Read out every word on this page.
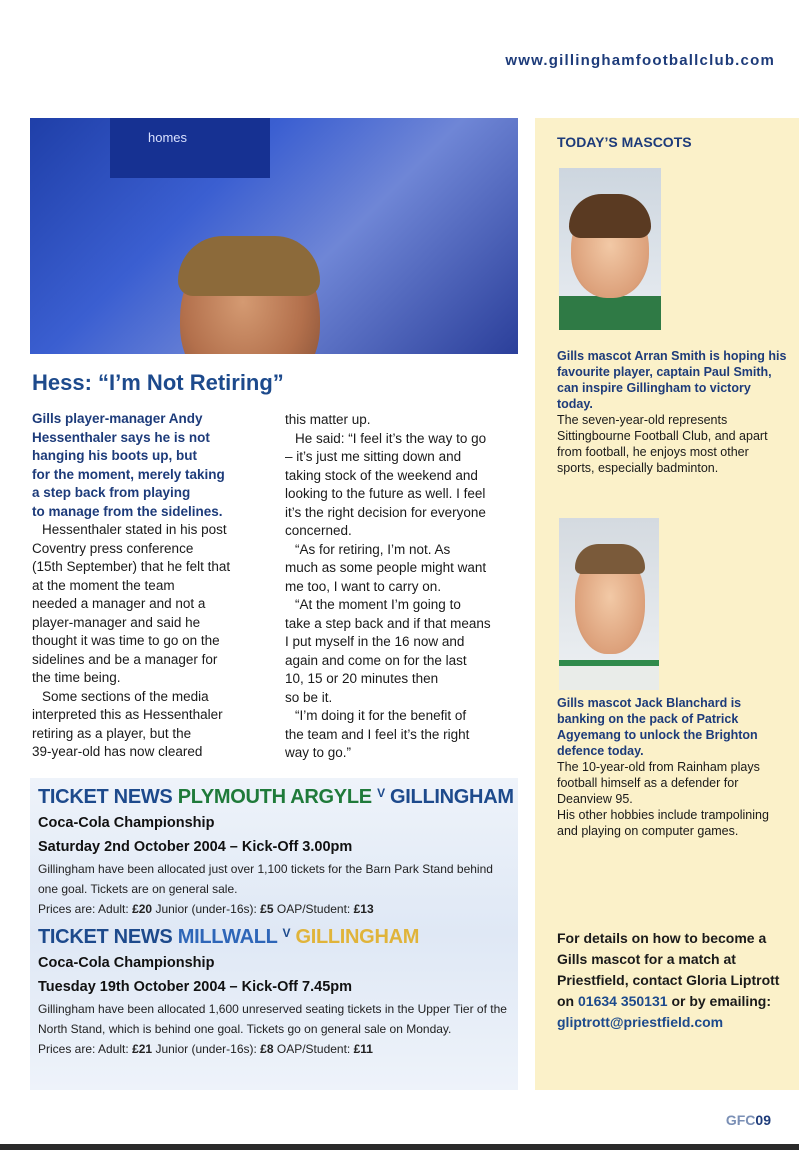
www.gillinghamfootballclub.com
homes
Hess: “I’m Not Retiring”
Gills player-manager Andy
Hessenthaler says he is not
hanging his boots up, but
for the moment, merely taking
a step back from playing
to manage from the sidelines.
Hessenthaler stated in his post
Coventry press conference
(15th September) that he felt that
at the moment the team
needed a manager and not a
player-manager and said he
thought it was time to go on the
sidelines and be a manager for
the time being.
Some sections of the media
interpreted this as Hessenthaler
retiring as a player, but the
39-year-old has now cleared
this matter up.
He said: “I feel it’s the way to go
– it’s just me sitting down and
taking stock of the weekend and
looking to the future as well. I feel
it’s the right decision for everyone
concerned.
“As for retiring, I’m not. As
much as some people might want
me too, I want to carry on.
“At the moment I’m going to
take a step back and if that means
I put myself in the 16 now and
again and come on for the last
10, 15 or 20 minutes then
so be it.
“I’m doing it for the benefit of
the team and I feel it’s the right
way to go.”
TICKET NEWS PLYMOUTH ARGYLE $^V$ GILLINGHAM
Coca-Cola Championship
Saturday 2nd October 2004 – Kick-Off 3.00pm
Gillingham have been allocated just over 1,100 tickets for the Barn Park Stand behind one goal. Tickets are on general sale.
Prices are: Adult: £20 Junior (under-16s): £5 OAP/Student: £13
TICKET NEWS MILLWALL $^V$ GILLINGHAM
Coca-Cola Championship
Tuesday 19th October 2004 – Kick-Off 7.45pm
Gillingham have been allocated 1,600 unreserved seating tickets in the Upper Tier of the North Stand, which is behind one goal. Tickets go on general sale on Monday.
Prices are: Adult: £21 Junior (under-16s): £8 OAP/Student: £11
TODAY’S MASCOTS
Gills mascot Arran Smith is hoping his favourite player, captain Paul Smith, can inspire Gillingham to victory today.
The seven-year-old represents Sittingbourne Football Club, and apart from football, he enjoys most other sports, especially badminton.
Gills mascot Jack Blanchard is banking on the pack of Patrick Agyemang to unlock the Brighton defence today.
The 10-year-old from Rainham plays football himself as a defender for Deanview 95.
His other hobbies include trampolining and playing on computer games.
For details on how to become a Gills mascot for a match at Priestfield, contact Gloria Liptrott on 01634 350131 or by emailing: gliptrott@priestfield.com
GFC09
